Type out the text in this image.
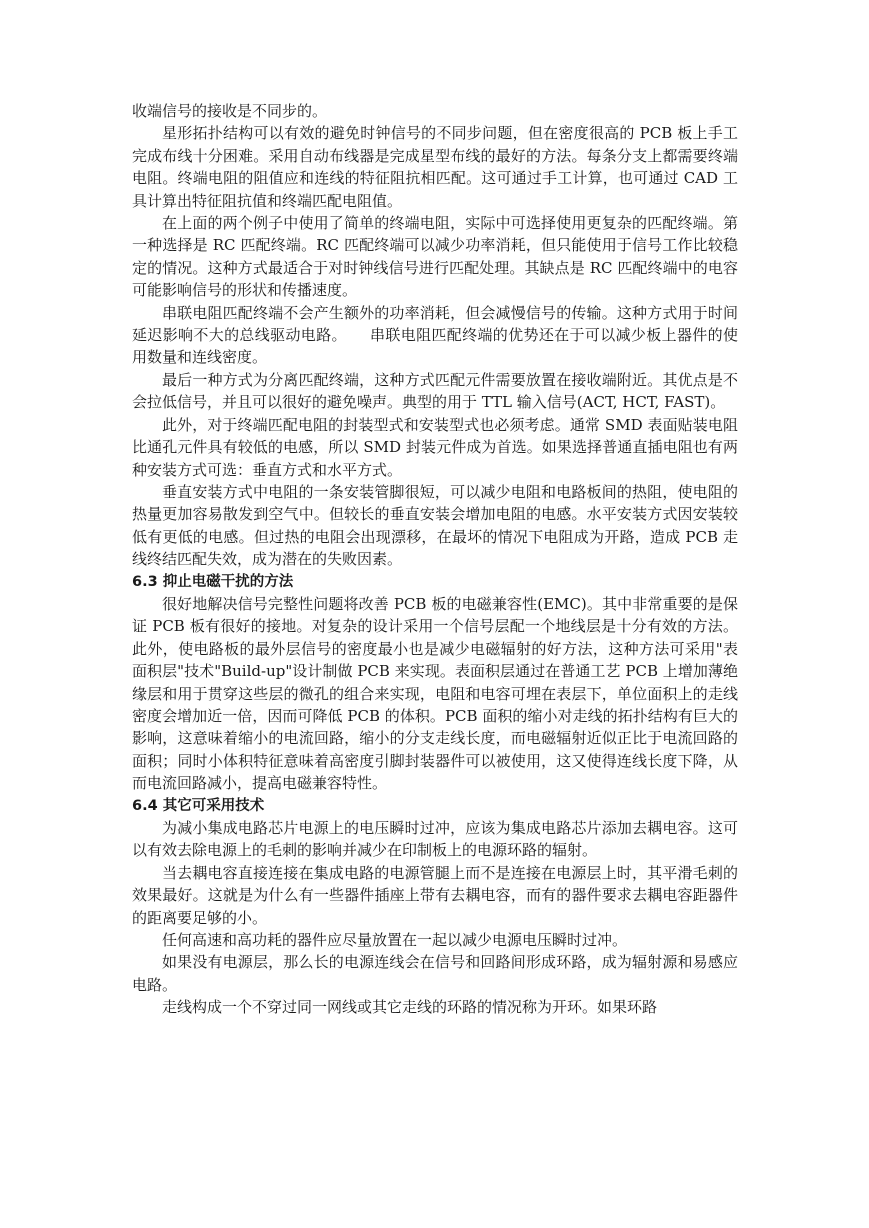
收端信号的接收是不同步的。

星形拓扑结构可以有效的避免时钟信号的不同步问题，但在密度很高的 PCB 板上手工完成布线十分困难。采用自动布线器是完成星型布线的最好的方法。每条分支上都需要终端电阻。终端电阻的阻值应和连线的特征阻抗相匹配。这可通过手工计算，也可通过 CAD 工具计算出特征阻抗值和终端匹配电阻值。

在上面的两个例子中使用了简单的终端电阻，实际中可选择使用更复杂的匹配终端。第一种选择是 RC 匹配终端。RC 匹配终端可以减少功率消耗，但只能使用于信号工作比较稳定的情况。这种方式最适合于对时钟线信号进行匹配处理。其缺点是 RC 匹配终端中的电容可能影响信号的形状和传播速度。

串联电阻匹配终端不会产生额外的功率消耗，但会减慢信号的传输。这种方式用于时间延迟影响不大的总线驱动电路。　　串联电阻匹配终端的优势还在于可以减少板上器件的使用数量和连线密度。

最后一种方式为分离匹配终端，这种方式匹配元件需要放置在接收端附近。其优点是不会拉低信号，并且可以很好的避免噪声。典型的用于 TTL 输入信号(ACT, HCT, FAST)。

此外，对于终端匹配电阻的封装型式和安装型式也必须考虑。通常 SMD 表面贴装电阻比通孔元件具有较低的电感，所以 SMD 封装元件成为首选。如果选择普通直插电阻也有两种安装方式可选：垂直方式和水平方式。

垂直安装方式中电阻的一条安装管脚很短，可以减少电阻和电路板间的热阻，使电阻的热量更加容易散发到空气中。但较长的垂直安装会增加电阻的电感。水平安装方式因安装较低有更低的电感。但过热的电阻会出现漂移，在最坏的情况下电阻成为开路，造成 PCB 走线终结匹配失效，成为潜在的失败因素。

6.3 抑止电磁干扰的方法

很好地解决信号完整性问题将改善 PCB 板的电磁兼容性(EMC)。其中非常重要的是保证 PCB 板有很好的接地。对复杂的设计采用一个信号层配一个地线层是十分有效的方法。此外，使电路板的最外层信号的密度最小也是减少电磁辐射的好方法，这种方法可采用"表面积层"技术"Build-up"设计制做 PCB 来实现。表面积层通过在普通工艺 PCB 上增加薄绝缘层和用于贯穿这些层的微孔的组合来实现，电阻和电容可埋在表层下，单位面积上的走线密度会增加近一倍，因而可降低 PCB 的体积。PCB 面积的缩小对走线的拓扑结构有巨大的影响，这意味着缩小的电流回路，缩小的分支走线长度，而电磁辐射近似正比于电流回路的面积；同时小体积特征意味着高密度引脚封装器件可以被使用，这又使得连线长度下降，从而电流回路减小，提高电磁兼容特性。

6.4 其它可采用技术

为减小集成电路芯片电源上的电压瞬时过冲，应该为集成电路芯片添加去耦电容。这可以有效去除电源上的毛刺的影响并减少在印制板上的电源环路的辐射。

当去耦电容直接连接在集成电路的电源管腿上而不是连接在电源层上时，其平滑毛刺的效果最好。这就是为什么有一些器件插座上带有去耦电容，而有的器件要求去耦电容距器件的距离要足够的小。

任何高速和高功耗的器件应尽量放置在一起以减少电源电压瞬时过冲。

如果没有电源层，那么长的电源连线会在信号和回路间形成环路，成为辐射源和易感应电路。

走线构成一个不穿过同一网线或其它走线的环路的情况称为开环。如果环路
